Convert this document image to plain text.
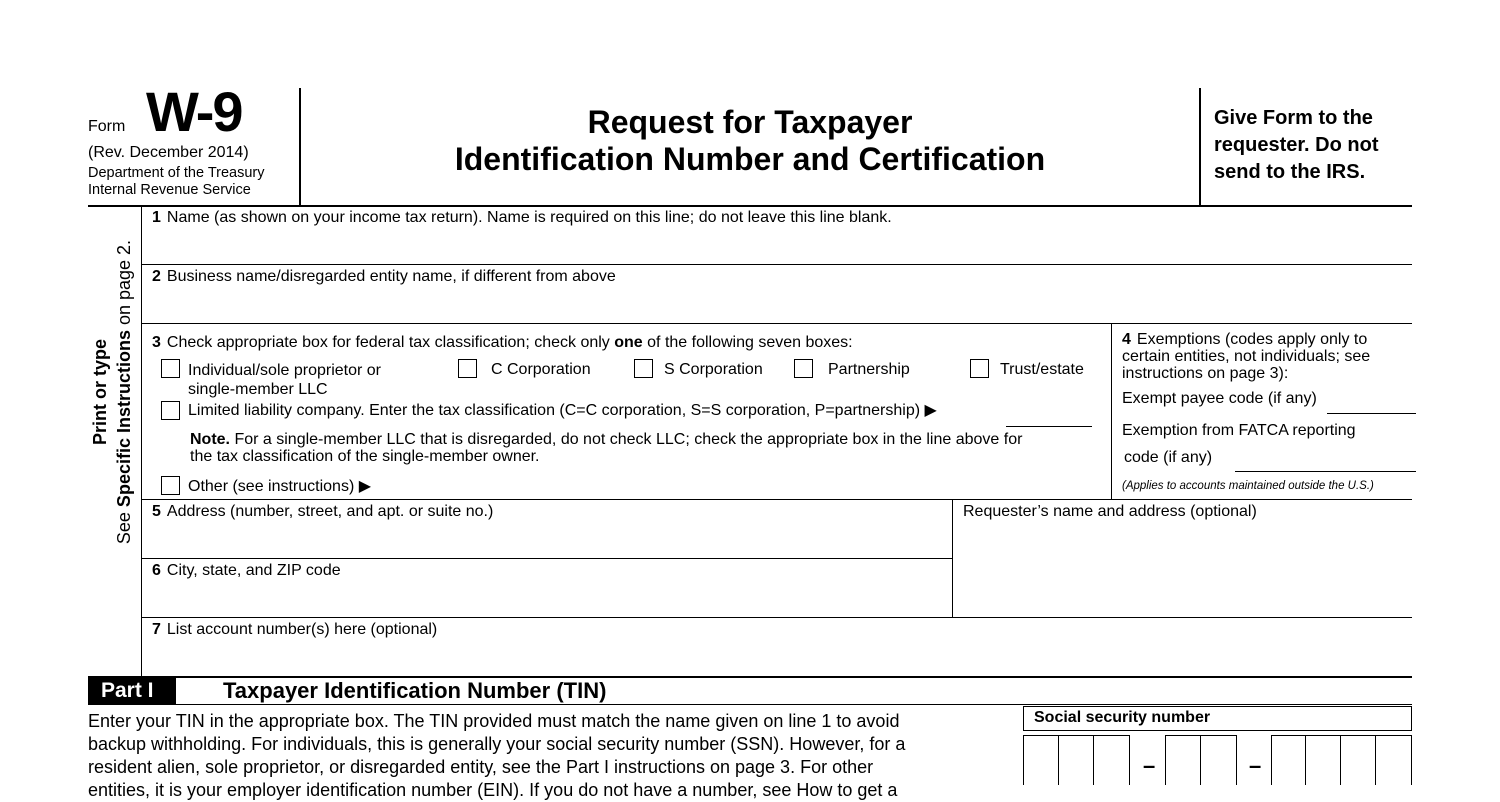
Form W-9
(Rev. December 2014)
Department of the Treasury
Internal Revenue Service
Request for Taxpayer
Identification Number and Certification
Give Form to the
requester. Do not
send to the IRS.
Print or type
See Specific Instructions on page 2.
1 Name (as shown on your income tax return). Name is required on this line; do not leave this line blank.
2 Business name/disregarded entity name, if different from above
3 Check appropriate box for federal tax classification; check only one of the following seven boxes:
Individual/sole proprietor or
single-member LLC
C Corporation	S Corporation	Partnership	Trust/estate
Limited liability company. Enter the tax classification (C=C corporation, S=S corporation, P=partnership) ▶
Note. For a single-member LLC that is disregarded, do not check LLC; check the appropriate box in the line above for
the tax classification of the single-member owner.
Other (see instructions) ▶
4 Exemptions (codes apply only to
certain entities, not individuals; see
instructions on page 3):
Exempt payee code (if any)
Exemption from FATCA reporting
code (if any)
(Applies to accounts maintained outside the U.S.)
5 Address (number, street, and apt. or suite no.)	Requester’s name and address (optional)
6 City, state, and ZIP code
7 List account number(s) here (optional)
Part I	Taxpayer Identification Number (TIN)
Enter your TIN in the appropriate box. The TIN provided must match the name given on line 1 to avoid
backup withholding. For individuals, this is generally your social security number (SSN). However, for a
resident alien, sole proprietor, or disregarded entity, see the Part I instructions on page 3. For other
entities, it is your employer identification number (EIN). If you do not have a number, see How to get a
Social security number
–	–
